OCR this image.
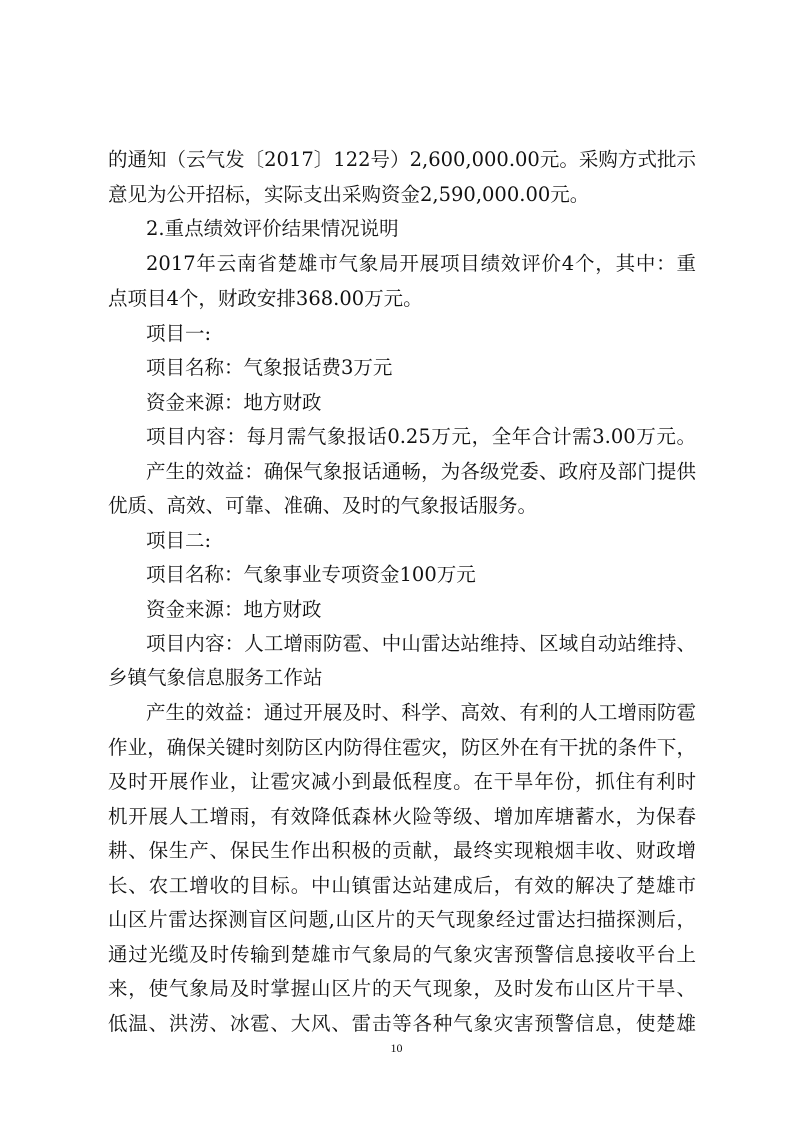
的通知（云气发〔2017〕122号）2,600,000.00元。采购方式批示
意见为公开招标，实际支出采购资金2,590,000.00元。
2.重点绩效评价结果情况说明
2017年云南省楚雄市气象局开展项目绩效评价4个，其中：重
点项目4个，财政安排368.00万元。
项目一:
项目名称：气象报话费3万元
资金来源：地方财政
项目内容：每月需气象报话0.25万元，全年合计需3.00万元。
产生的效益：确保气象报话通畅，为各级党委、政府及部门提供
优质、高效、可靠、准确、及时的气象报话服务。
项目二:
项目名称：气象事业专项资金100万元
资金来源：地方财政
项目内容：人工增雨防雹、中山雷达站维持、区域自动站维持、
乡镇气象信息服务工作站
产生的效益：通过开展及时、科学、高效、有利的人工增雨防雹
作业，确保关键时刻防区内防得住雹灾，防区外在有干扰的条件下，
及时开展作业，让雹灾减小到最低程度。在干旱年份，抓住有利时
机开展人工增雨，有效降低森林火险等级、增加库塘蓄水，为保春
耕、保生产、保民生作出积极的贡献，最终实现粮烟丰收、财政增
长、农工增收的目标。中山镇雷达站建成后，有效的解决了楚雄市
山区片雷达探测盲区问题,山区片的天气现象经过雷达扫描探测后，
通过光缆及时传输到楚雄市气象局的气象灾害预警信息接收平台上
来，使气象局及时掌握山区片的天气现象，及时发布山区片干旱、
低温、洪涝、冰雹、大风、雷击等各种气象灾害预警信息，使楚雄
10
